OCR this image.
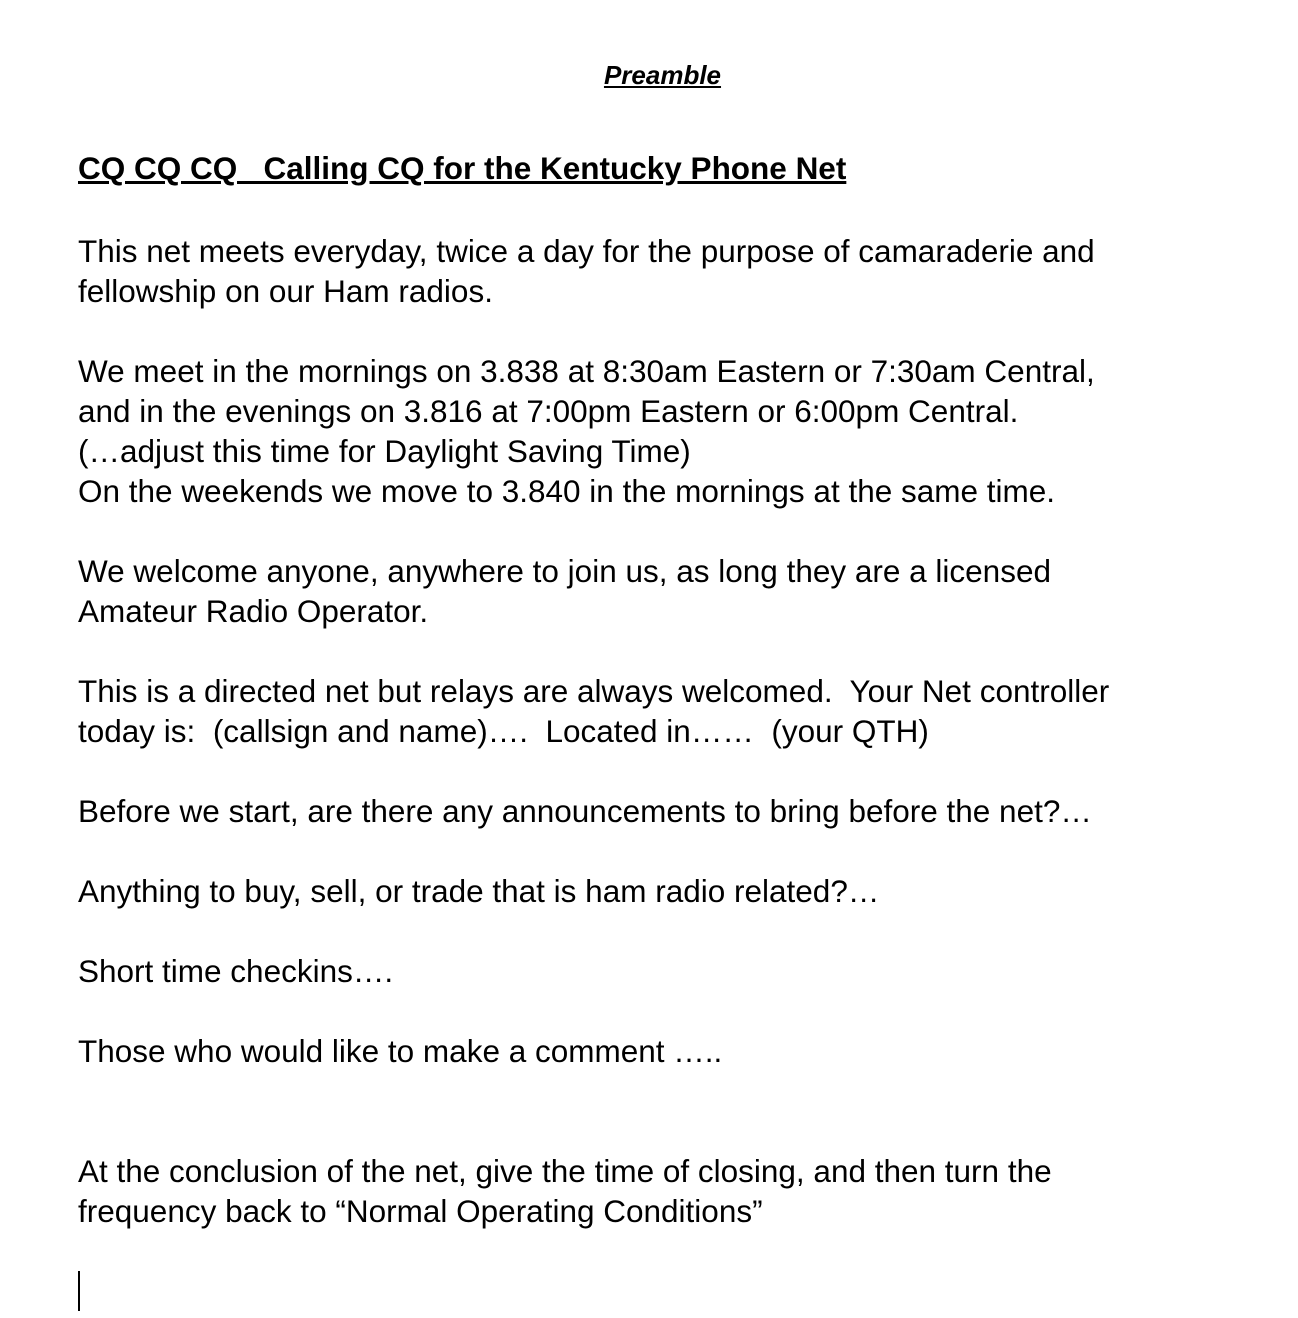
Preamble
CQ CQ CQ   Calling CQ for the Kentucky Phone Net

This net meets everyday, twice a day for the purpose of camaraderie and
fellowship on our Ham radios.

We meet in the mornings on 3.838 at 8:30am Eastern or 7:30am Central,
and in the evenings on 3.816 at 7:00pm Eastern or 6:00pm Central.
(…adjust this time for Daylight Saving Time)
On the weekends we move to 3.840 in the mornings at the same time.

We welcome anyone, anywhere to join us, as long they are a licensed
Amateur Radio Operator.

This is a directed net but relays are always welcomed.  Your Net controller
today is:  (callsign and name)….  Located in……  (your QTH)

Before we start, are there any announcements to bring before the net?…

Anything to buy, sell, or trade that is ham radio related?…

Short time checkins….

Those who would like to make a comment …..

At the conclusion of the net, give the time of closing, and then turn the
frequency back to “Normal Operating Conditions”
